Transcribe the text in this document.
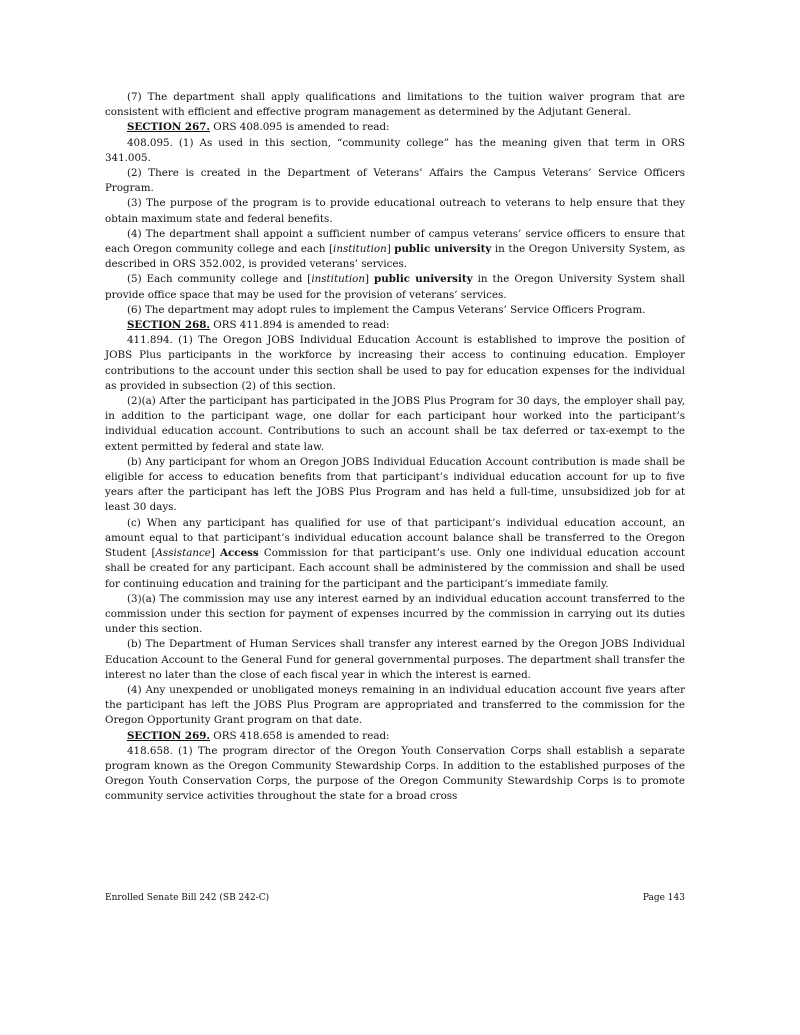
(7) The department shall apply qualifications and limitations to the tuition waiver program that are consistent with efficient and effective program management as determined by the Adjutant General.

SECTION 267. ORS 408.095 is amended to read:

408.095. (1) As used in this section, “community college” has the meaning given that term in ORS 341.005.

(2) There is created in the Department of Veterans’ Affairs the Campus Veterans’ Service Officers Program.

(3) The purpose of the program is to provide educational outreach to veterans to help ensure that they obtain maximum state and federal benefits.

(4) The department shall appoint a sufficient number of campus veterans’ service officers to ensure that each Oregon community college and each [institution] public university in the Oregon University System, as described in ORS 352.002, is provided veterans’ services.

(5) Each community college and [institution] public university in the Oregon University System shall provide office space that may be used for the provision of veterans’ services.

(6) The department may adopt rules to implement the Campus Veterans’ Service Officers Program.

SECTION 268. ORS 411.894 is amended to read:

411.894. (1) The Oregon JOBS Individual Education Account is established to improve the position of JOBS Plus participants in the workforce by increasing their access to continuing education. Employer contributions to the account under this section shall be used to pay for education expenses for the individual as provided in subsection (2) of this section.

(2)(a) After the participant has participated in the JOBS Plus Program for 30 days, the employer shall pay, in addition to the participant wage, one dollar for each participant hour worked into the participant’s individual education account. Contributions to such an account shall be tax deferred or tax-exempt to the extent permitted by federal and state law.

(b) Any participant for whom an Oregon JOBS Individual Education Account contribution is made shall be eligible for access to education benefits from that participant’s individual education account for up to five years after the participant has left the JOBS Plus Program and has held a full-time, unsubsidized job for at least 30 days.

(c) When any participant has qualified for use of that participant’s individual education account, an amount equal to that participant’s individual education account balance shall be transferred to the Oregon Student [Assistance] Access Commission for that participant’s use. Only one individual education account shall be created for any participant. Each account shall be administered by the commission and shall be used for continuing education and training for the participant and the participant’s immediate family.

(3)(a) The commission may use any interest earned by an individual education account transferred to the commission under this section for payment of expenses incurred by the commission in carrying out its duties under this section.

(b) The Department of Human Services shall transfer any interest earned by the Oregon JOBS Individual Education Account to the General Fund for general governmental purposes. The department shall transfer the interest no later than the close of each fiscal year in which the interest is earned.

(4) Any unexpended or unobligated moneys remaining in an individual education account five years after the participant has left the JOBS Plus Program are appropriated and transferred to the commission for the Oregon Opportunity Grant program on that date.

SECTION 269. ORS 418.658 is amended to read:

418.658. (1) The program director of the Oregon Youth Conservation Corps shall establish a separate program known as the Oregon Community Stewardship Corps. In addition to the established purposes of the Oregon Youth Conservation Corps, the purpose of the Oregon Community Stewardship Corps is to promote community service activities throughout the state for a broad cross

Enrolled Senate Bill 242 (SB 242-C)	Page 143
